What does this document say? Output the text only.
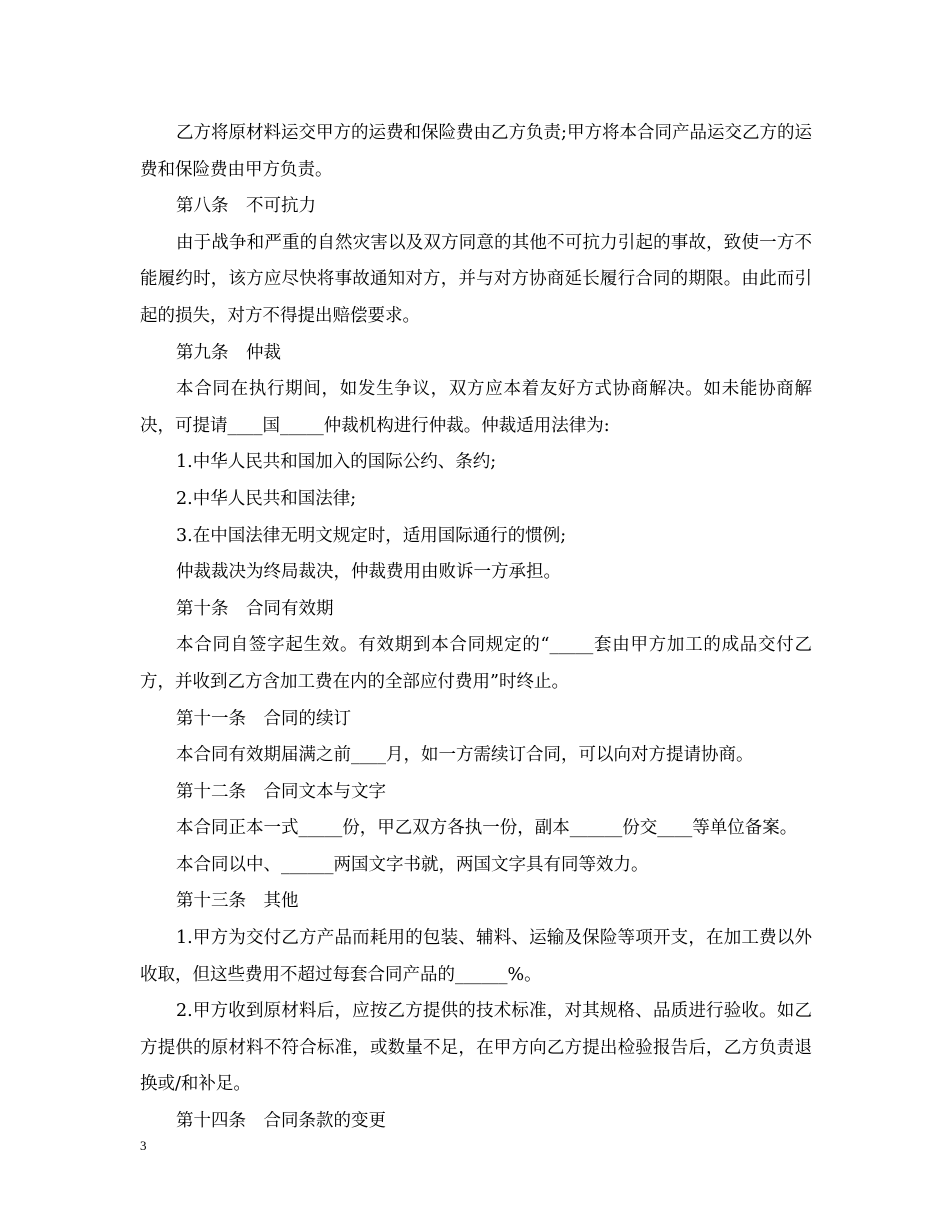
乙方将原材料运交甲方的运费和保险费由乙方负责;甲方将本合同产品运交乙方的运费和保险费由甲方负责。

第八条　不可抗力

由于战争和严重的自然灾害以及双方同意的其他不可抗力引起的事故，致使一方不能履约时，该方应尽快将事故通知对方，并与对方协商延长履行合同的期限。由此而引起的损失，对方不得提出赔偿要求。

第九条　仲裁

本合同在执行期间，如发生争议，双方应本着友好方式协商解决。如未能协商解决，可提请____国_____仲裁机构进行仲裁。仲裁适用法律为:

1.中华人民共和国加入的国际公约、条约;

2.中华人民共和国法律;

3.在中国法律无明文规定时，适用国际通行的惯例;

仲裁裁决为终局裁决，仲裁费用由败诉一方承担。

第十条　合同有效期

本合同自签字起生效。有效期到本合同规定的“_____套由甲方加工的成品交付乙方，并收到乙方含加工费在内的全部应付费用”时终止。

第十一条　合同的续订

本合同有效期届满之前____月，如一方需续订合同，可以向对方提请协商。

第十二条　合同文本与文字

本合同正本一式_____份，甲乙双方各执一份，副本______份交____等单位备案。

本合同以中、______两国文字书就，两国文字具有同等效力。

第十三条　其他

1.甲方为交付乙方产品而耗用的包装、辅料、运输及保险等项开支，在加工费以外收取，但这些费用不超过每套合同产品的______%。

2.甲方收到原材料后，应按乙方提供的技术标准，对其规格、品质进行验收。如乙方提供的原材料不符合标准，或数量不足，在甲方向乙方提出检验报告后，乙方负责退换或/和补足。

第十四条　合同条款的变更

3
